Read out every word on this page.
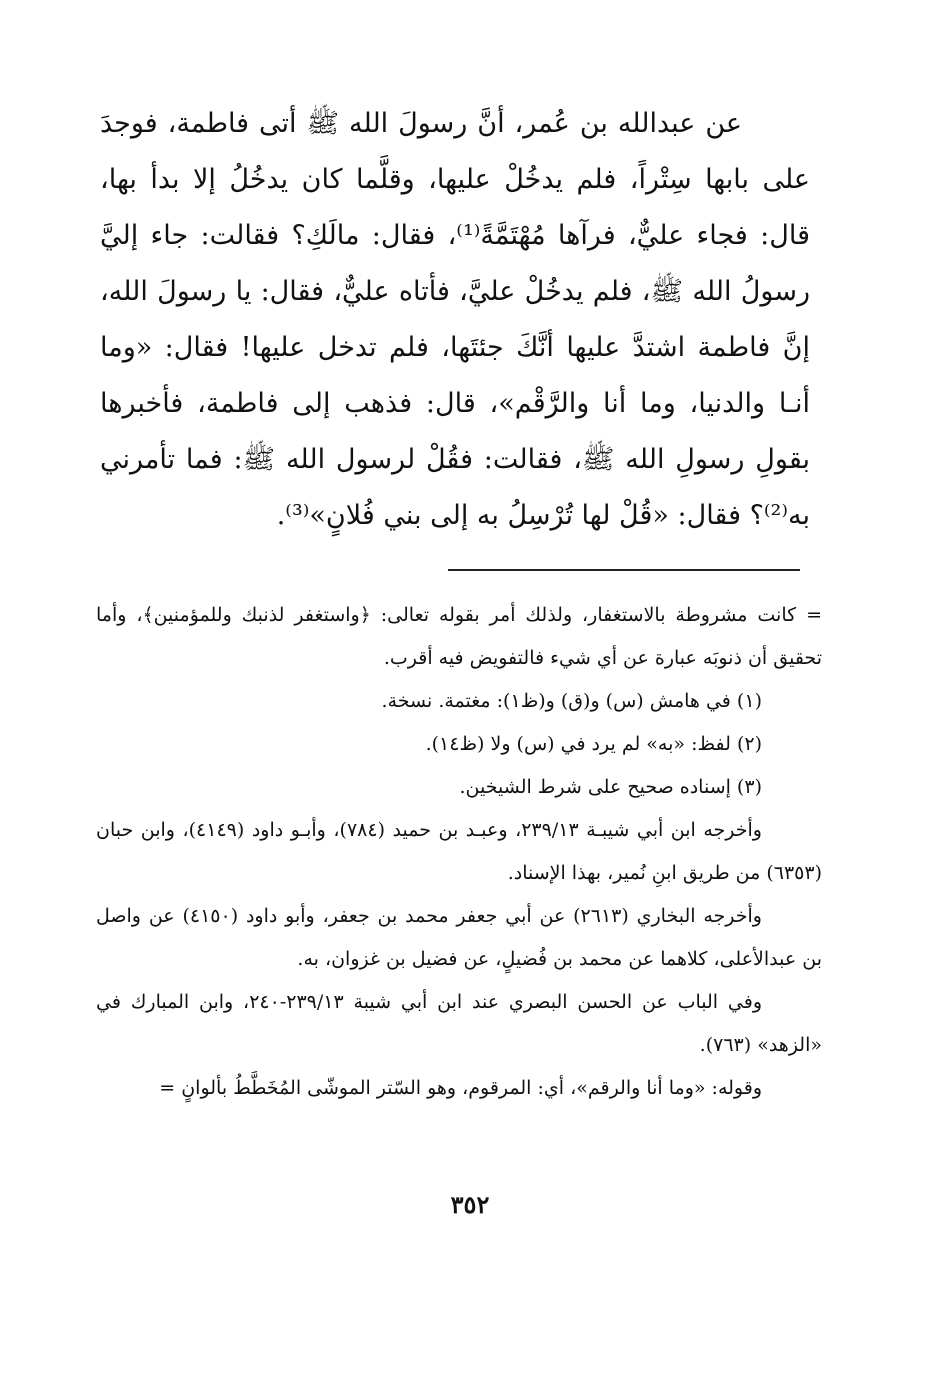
عن عبدالله بن عُمر، أنَّ رسولَ الله ﷺ أتى فاطمة، فوجدَ على بابها سِتْراً، فلم يدخُلْ عليها، وقلَّما كان يدخُلُ إلا بدأ بها، قال: فجاء عليٌّ، فرآها مُهْتَمَّةً⁽¹⁾، فقال: مالَكِ؟ فقالت: جاء إليَّ رسولُ الله ﷺ، فلم يدخُلْ عليَّ، فأتاه عليٌّ، فقال: يا رسولَ الله، إنَّ فاطمة اشتدَّ عليها أنَّكَ جئتَها، فلم تدخل عليها! فقال: «وما أنـا والدنيا، وما أنا والرَّقْم»، قال: فذهب إلى فاطمة، فأخبرها بقولِ رسولِ الله ﷺ، فقالت: فقُلْ لرسول الله ﷺ: فما تأمرني به⁽²⁾؟ فقال: «قُلْ لها تُرْسِلُ به إلى بني فُلانٍ»⁽³⁾.

= كانت مشروطة بالاستغفار، ولذلك أمر بقوله تعالى: ﴿واستغفر لذنبك وللمؤمنين﴾، وأما تحقيق أن ذنوبَه عبارة عن أي شيء فالتفويض فيه أقرب.

(١) في هامش (س) و(ق) و(ظ١): مغتمة. نسخة.

(٢) لفظ: «به» لم يرد في (س) ولا (ظ١٤).

(٣) إسناده صحيح على شرط الشيخين.

وأخرجه ابن أبي شيبـة ٢٣٩/١٣، وعبـد بن حميد (٧٨٤)، وأبـو داود (٤١٤٩)، وابن حبان (٦٣٥٣) من طريق ابنِ نُمير، بهذا الإسناد.

وأخرجه البخاري (٢٦١٣) عن أبي جعفر محمد بن جعفر، وأبو داود (٤١٥٠) عن واصل بن عبدالأعلى، كلاهما عن محمد بن فُضيلٍ، عن فضيل بن غزوان، به.

وفي الباب عن الحسن البصري عند ابن أبي شيبة ٢٣٩/١٣-٢٤٠، وابن المبارك في «الزهد» (٧٦٣).

وقوله: «وما أنا والرقم»، أي: المرقوم، وهو السّتر الموشّى المُخَطَّطُ بألوانٍ =

٣٥٢
